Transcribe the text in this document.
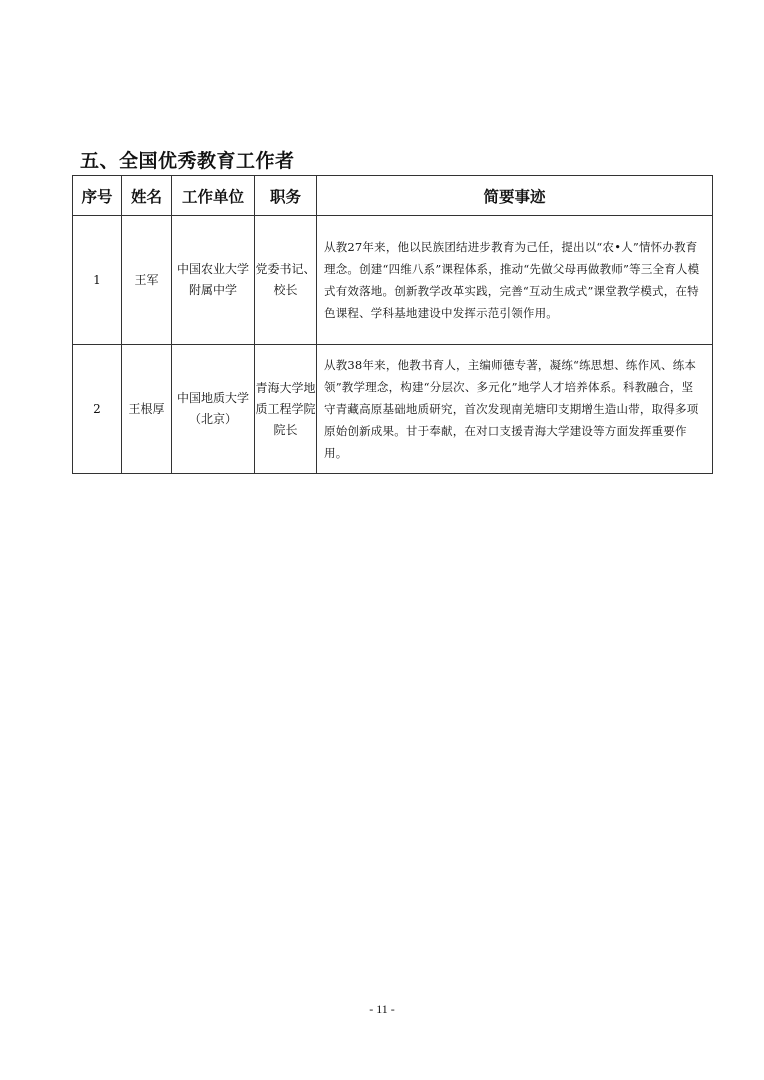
五、全国优秀教育工作者
序号	姓名	工作单位	职务	简要事迹
1	王军	中国农业大学附属中学	党委书记、校长	从教27年来，他以民族团结进步教育为己任，提出以“农•人”情怀办教育理念。创建“四维八系”课程体系，推动“先做父母再做教师”等三全育人模式有效落地。创新教学改革实践，完善“互动生成式”课堂教学模式，在特色课程、学科基地建设中发挥示范引领作用。
2	王根厚	中国地质大学（北京）	青海大学地质工程学院院长	从教38年来，他教书育人，主编师德专著，凝练“练思想、练作风、练本领”教学理念，构建“分层次、多元化”地学人才培养体系。科教融合，坚守青藏高原基础地质研究，首次发现南羌塘印支期增生造山带，取得多项原始创新成果。甘于奉献，在对口支援青海大学建设等方面发挥重要作用。
- 11 -
